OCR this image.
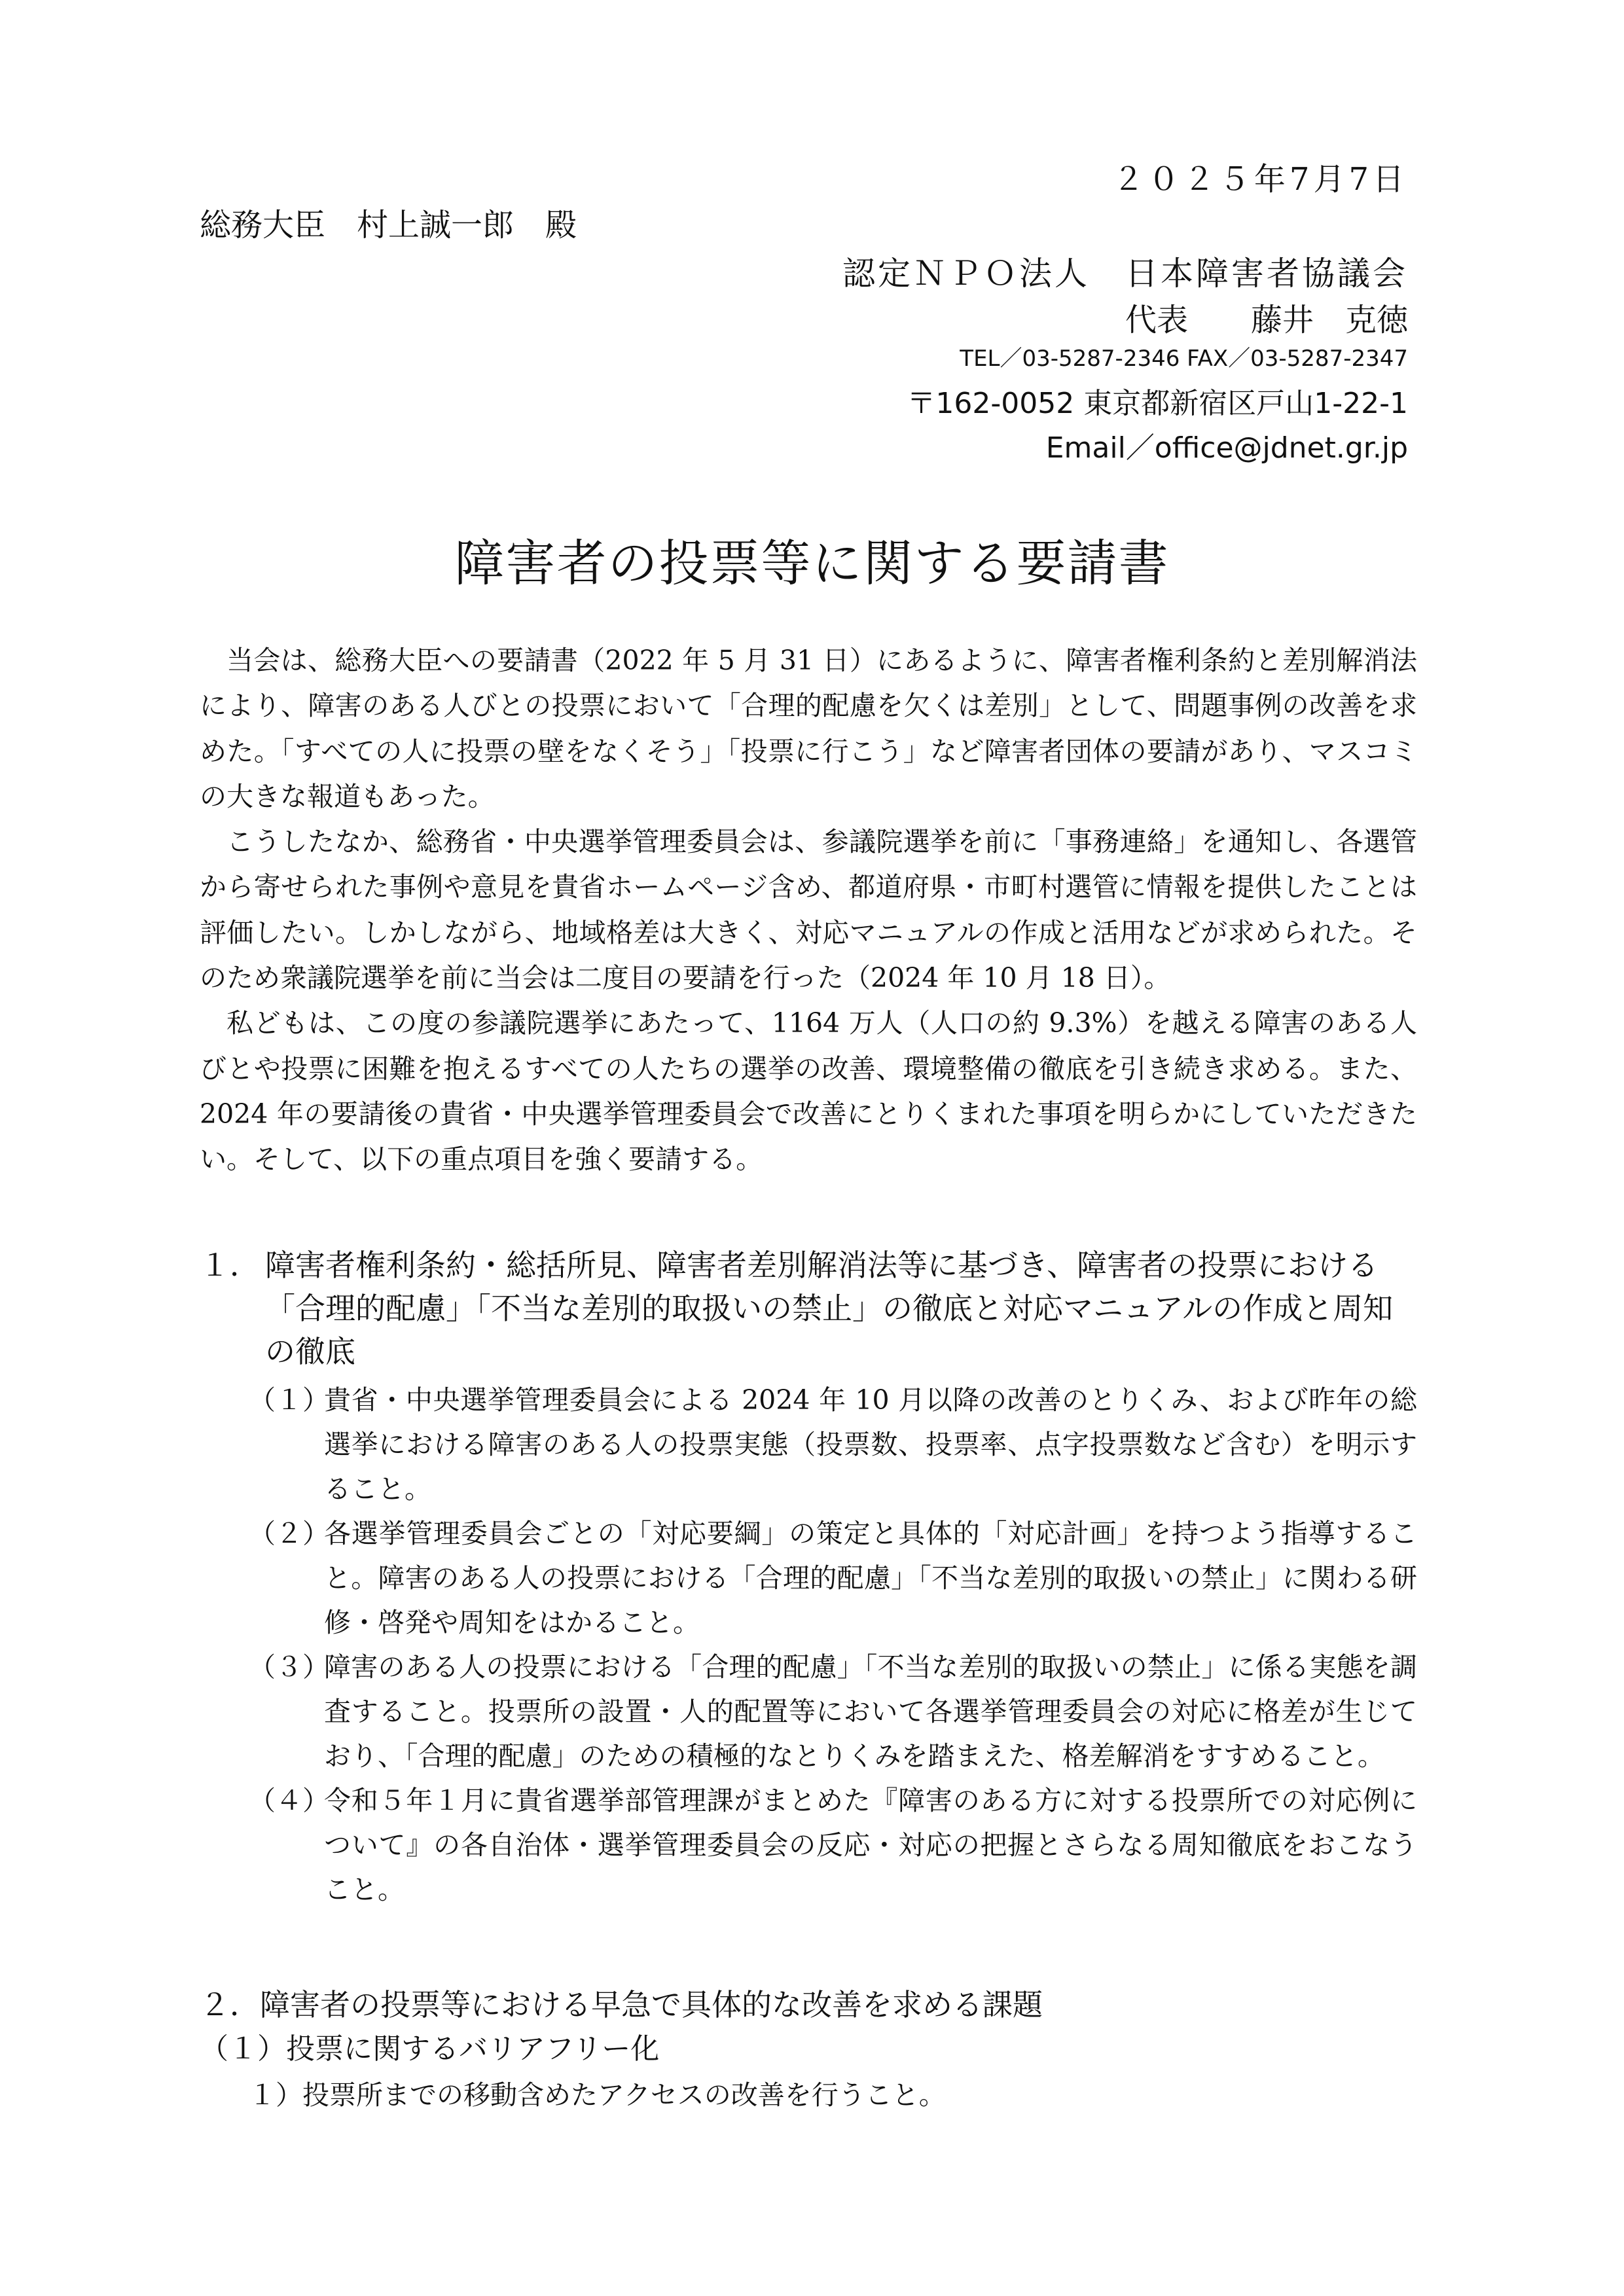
２０２５年7月7日
総務大臣　村上誠一郎　殿
認定ＮＰＯ法人　日本障害者協議会
代表　　藤井　克徳
TEL／03-5287-2346 FAX／03-5287-2347
〒162-0052 東京都新宿区戸山1-22-1
Email／office@jdnet.gr.jp
障害者の投票等に関する要請書

当会は、総務大臣への要請書（2022 年 5 月 31 日）にあるように、障害者権利条約と差別解消法により、障害のある人びとの投票において「合理的配慮を欠くは差別」として、問題事例の改善を求めた。「すべての人に投票の壁をなくそう」「投票に行こう」など障害者団体の要請があり、マスコミの大きな報道もあった。

こうしたなか、総務省・中央選挙管理委員会は、参議院選挙を前に「事務連絡」を通知し、各選管から寄せられた事例や意見を貴省ホームページ含め、都道府県・市町村選管に情報を提供したことは評価したい。しかしながら、地域格差は大きく、対応マニュアルの作成と活用などが求められた。そのため衆議院選挙を前に当会は二度目の要請を行った（2024 年 10 月 18 日）。

私どもは、この度の参議院選挙にあたって、1164 万人（人口の約 9.3%）を越える障害のある人びとや投票に困難を抱えるすべての人たちの選挙の改善、環境整備の徹底を引き続き求める。また、2024 年の要請後の貴省・中央選挙管理委員会で改善にとりくまれた事項を明らかにしていただきたい。そして、以下の重点項目を強く要請する。

１． 障害者権利条約・総括所見、障害者差別解消法等に基づき、障害者の投票における「合理的配慮」「不当な差別的取扱いの禁止」の徹底と対応マニュアルの作成と周知の徹底
（１）
貴省・中央選挙管理委員会による 2024 年 10 月以降の改善のとりくみ、および昨年の総選挙における障害のある人の投票実態（投票数、投票率、点字投票数など含む）を明示すること。
（２）
各選挙管理委員会ごとの「対応要綱」の策定と具体的「対応計画」を持つよう指導すること。障害のある人の投票における「合理的配慮」「不当な差別的取扱いの禁止」に関わる研修・啓発や周知をはかること。
（３）
障害のある人の投票における「合理的配慮」「不当な差別的取扱いの禁止」に係る実態を調査すること。投票所の設置・人的配置等において各選挙管理委員会の対応に格差が生じており、「合理的配慮」のための積極的なとりくみを踏まえた、格差解消をすすめること。
（４）
令和５年１月に貴省選挙部管理課がまとめた『障害のある方に対する投票所での対応例について』の各自治体・選挙管理委員会の反応・対応の把握とさらなる周知徹底をおこなうこと。
２．障害者の投票等における早急で具体的な改善を求める課題
（１）投票に関するバリアフリー化
１）投票所までの移動含めたアクセスの改善を行うこと。
